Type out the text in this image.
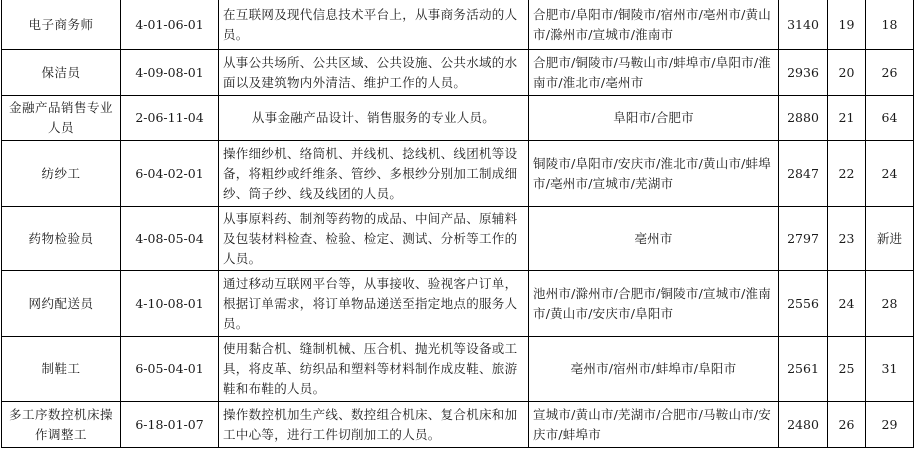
电子商务师	4-01-06-01	在互联网及现代信息技术平台上，从事商务活动的人员。	合肥市/阜阳市/铜陵市/宿州市/亳州市/黄山市/滁州市/宣城市/淮南市	3140	19	18
保洁员	4-09-08-01	从事公共场所、公共区域、公共设施、公共水域的水面以及建筑物内外清洁、维护工作的人员。	合肥市/铜陵市/马鞍山市/蚌埠市/阜阳市/淮南市/淮北市/亳州市	2936	20	26
金融产品销售专业人员	2-06-11-04	从事金融产品设计、销售服务的专业人员。	阜阳市/合肥市	2880	21	64
纺纱工	6-04-02-01	操作细纱机、络筒机、并线机、捻线机、线团机等设备，将粗纱或纤维条、管纱、多根纱分别加工制成细纱、筒子纱、线及线团的人员。	铜陵市/阜阳市/安庆市/淮北市/黄山市/蚌埠市/亳州市/宣城市/芜湖市	2847	22	24
药物检验员	4-08-05-04	从事原料药、制剂等药物的成品、中间产品、原辅料及包装材料检查、检验、检定、测试、分析等工作的人员。	亳州市	2797	23	新进
网约配送员	4-10-08-01	通过移动互联网平台等，从事接收、验视客户订单，根据订单需求，将订单物品递送至指定地点的服务人员。	池州市/滁州市/合肥市/铜陵市/宣城市/淮南市/黄山市/安庆市/阜阳市	2556	24	28
制鞋工	6-05-04-01	使用黏合机、缝制机械、压合机、抛光机等设备或工具，将皮革、纺织品和塑料等材料制作成皮鞋、旅游鞋和布鞋的人员。	亳州市/宿州市/蚌埠市/阜阳市	2561	25	31
多工序数控机床操作调整工	6-18-01-07	操作数控机加生产线、数控组合机床、复合机床和加工中心等，进行工件切削加工的人员。	宣城市/黄山市/芜湖市/合肥市/马鞍山市/安庆市/蚌埠市	2480	26	29
